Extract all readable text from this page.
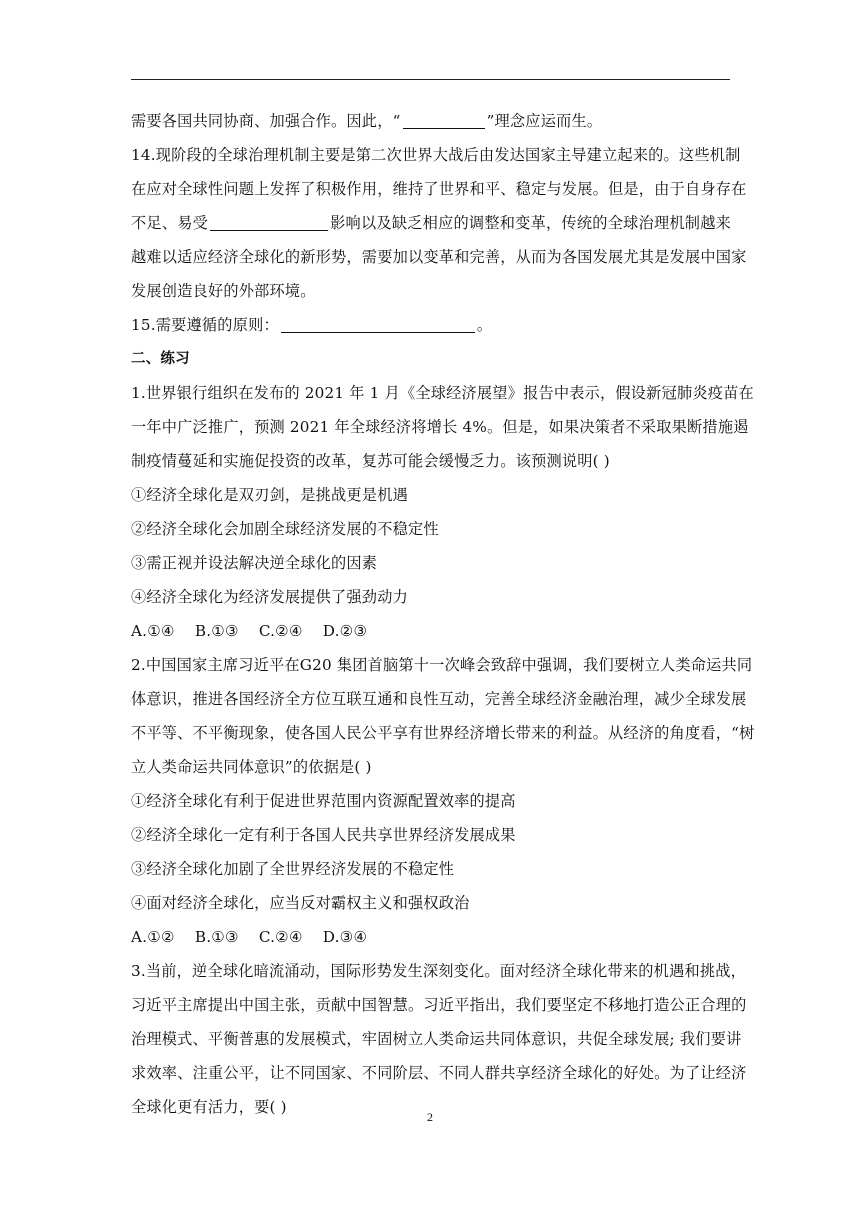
需要各国共同协商、加强合作。因此，“	”理念应运而生。
14.现阶段的全球治理机制主要是第二次世界大战后由发达国家主导建立起来的。这些机制
在应对全球性问题上发挥了积极作用，维持了世界和平、稳定与发展。但是，由于自身存在
不足、易受	影响以及缺乏相应的调整和变革，传统的全球治理机制越来
越难以适应经济全球化的新形势，需要加以变革和完善，从而为各国发展尤其是发展中国家
发展创造良好的外部环境。
15.需要遵循的原则：	。
二、练习
1.世界银行组织在发布的 2021 年 1 月《全球经济展望》报告中表示，假设新冠肺炎疫苗在
一年中广泛推广，预测 2021 年全球经济将增长 4%。但是，如果决策者不采取果断措施遏
制疫情蔓延和实施促投资的改革，复苏可能会缓慢乏力。该预测说明( )
①经济全球化是双刃剑，是挑战更是机遇
②经济全球化会加剧全球经济发展的不稳定性
③需正视并设法解决逆全球化的因素
④经济全球化为经济发展提供了强劲动力
A.①④ B.①③ C.②④ D.②③
2.中国国家主席习近平在G20 集团首脑第十一次峰会致辞中强调，我们要树立人类命运共同
体意识，推进各国经济全方位互联互通和良性互动，完善全球经济金融治理，减少全球发展
不平等、不平衡现象，使各国人民公平享有世界经济增长带来的利益。从经济的角度看，“树
立人类命运共同体意识”的依据是( )
①经济全球化有利于促进世界范围内资源配置效率的提高
②经济全球化一定有利于各国人民共享世界经济发展成果
③经济全球化加剧了全世界经济发展的不稳定性
④面对经济全球化，应当反对霸权主义和强权政治
A.①② B.①③ C.②④ D.③④
3.当前，逆全球化暗流涌动，国际形势发生深刻变化。面对经济全球化带来的机遇和挑战，
习近平主席提出中国主张，贡献中国智慧。习近平指出，我们要坚定不移地打造公正合理的
治理模式、平衡普惠的发展模式，牢固树立人类命运共同体意识，共促全球发展; 我们要讲
求效率、注重公平，让不同国家、不同阶层、不同人群共享经济全球化的好处。为了让经济
全球化更有活力，要( )
2
